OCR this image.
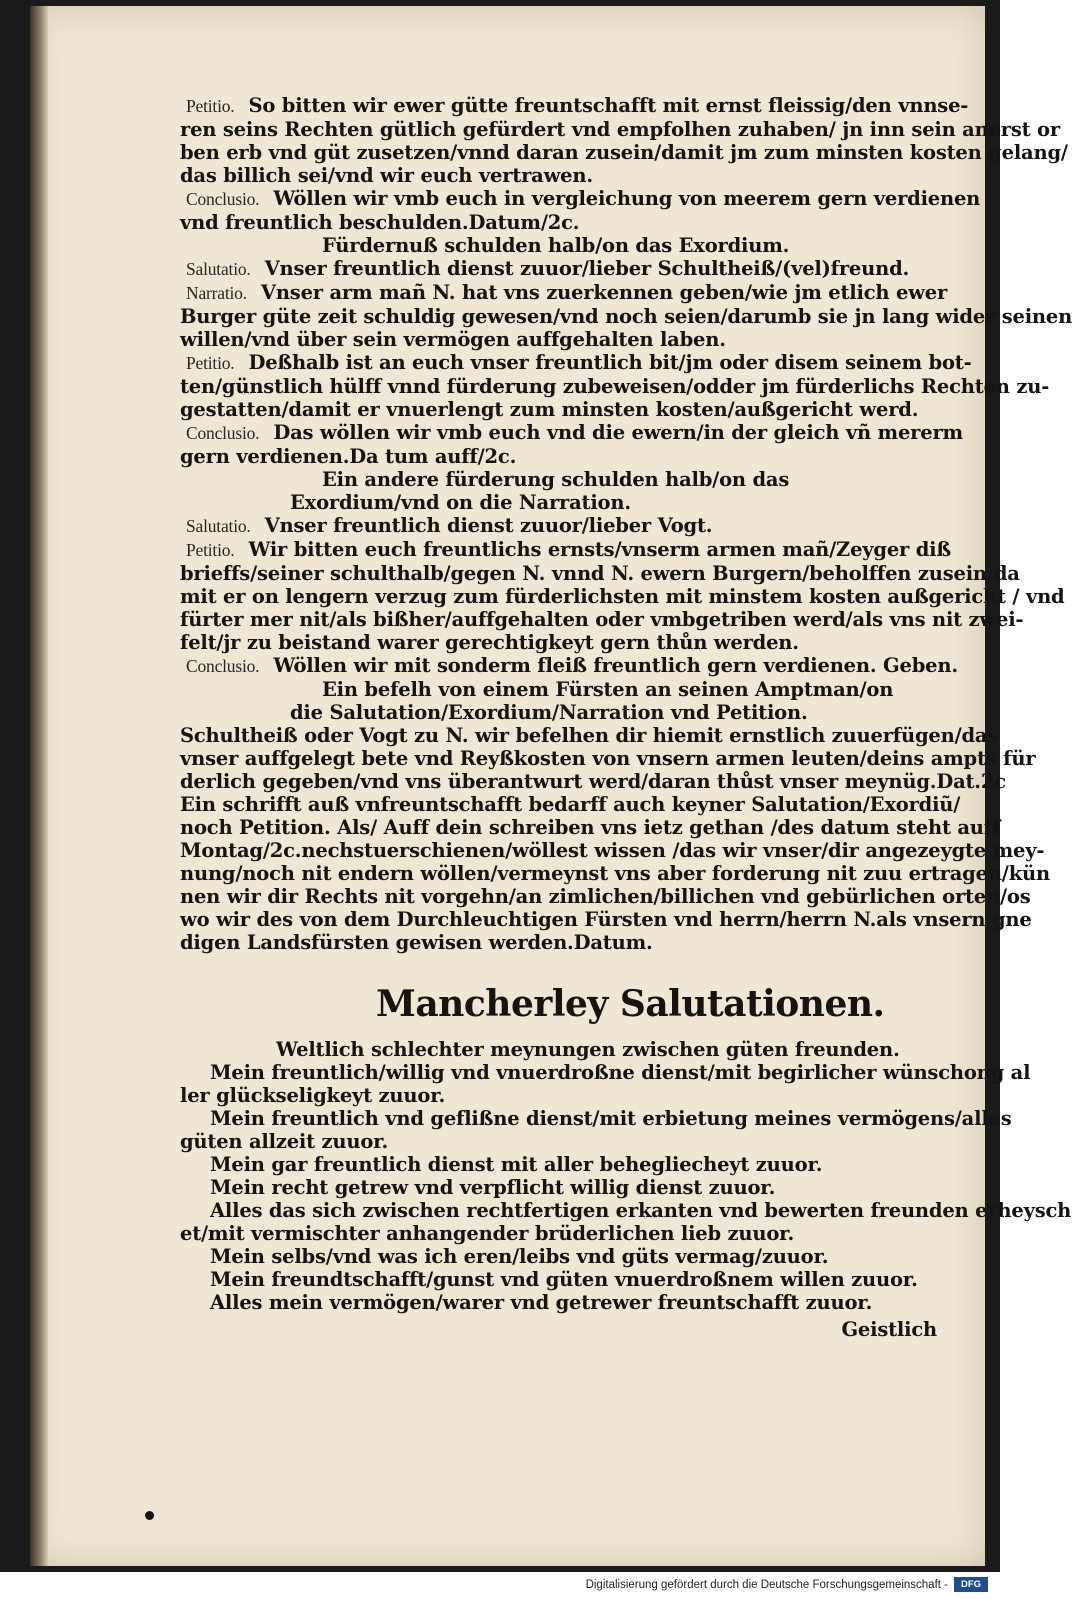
Petitio. So bitten wir ewer gütte freuntschafft mit ernst fleissig/den vnnse-
ren seins Rechten gütlich gefürdert vnd empfolhen zuhaben/ jn inn sein anerst or
ben erb vnd güt zusetzen/vnnd daran zusein/damit jm zum minsten kosten gelang/
das billich sei/vnd wir euch vertrawen.
Conclusio. Wöllen wir vmb euch in vergleichung von meerem gern verdienen
vnd freuntlich beschulden.Datum/2c.
Fürdernuß schulden halb/on das Exordium.
Salutatio. Vnser freuntlich dienst zuuor/lieber Schultheiß/(vel)freund.
Narratio. Vnser arm mañ N. hat vns zuerkennen geben/wie jm etlich ewer
Burger güte zeit schuldig gewesen/vnd noch seien/darumb sie jn lang wider seinen
willen/vnd über sein vermögen auffgehalten laben.
Petitio. Deßhalb ist an euch vnser freuntlich bit/jm oder disem seinem bot-
ten/günstlich hülff vnnd fürderung zubeweisen/odder jm fürderlichs Rechten zu-
gestatten/damit er vnuerlengt zum minsten kosten/außgericht werd.
Conclusio. Das wöllen wir vmb euch vnd die ewern/in der gleich vñ mererm
gern verdienen.Da tum auff/2c.
Ein andere fürderung schulden halb/on das
Exordium/vnd on die Narration.
Salutatio. Vnser freuntlich dienst zuuor/lieber Vogt.
Petitio. Wir bitten euch freuntlichs ernsts/vnserm armen mañ/Zeyger diß
brieffs/seiner schulthalb/gegen N. vnnd N. ewern Burgern/beholffen zusein/da
mit er on lengern verzug zum fürderlichsten mit minstem kosten außgericht / vnd
fürter mer nit/als bißher/auffgehalten oder vmbgetriben werd/als vns nit zwei-
felt/jr zu beistand warer gerechtigkeyt gern thůn werden.
Conclusio. Wöllen wir mit sonderm fleiß freuntlich gern verdienen. Geben.
Ein befelh von einem Fürsten an seinen Amptman/on
die Salutation/Exordium/Narration vnd Petition.
Schultheiß oder Vogt zu N. wir befelhen dir hiemit ernstlich zuuerfügen/das
vnser auffgelegt bete vnd Reyßkosten von vnsern armen leuten/deins ampts für
derlich gegeben/vnd vns überantwurt werd/daran thůst vnser meynüg.Dat.2c
Ein schrifft auß vnfreuntschafft bedarff auch keyner Salutation/Exordiũ/
noch Petition. Als/ Auff dein schreiben vns ietz gethan /des datum steht auff
Montag/2c.nechstuerschienen/wöllest wissen /das wir vnser/dir angezeygte mey-
nung/noch nit endern wöllen/vermeynst vns aber forderung nit zuu ertragen/kün
nen wir dir Rechts nit vorgehn/an zimlichen/billichen vnd gebürlichen orten/os
wo wir des von dem Durchleuchtigen Fürsten vnd herrn/herrn N.als vnsern gne
digen Landsfürsten gewisen werden.Datum.
Mancherley Salutationen.
Weltlich schlechter meynungen zwischen güten freunden.
Mein freuntlich/willig vnd vnuerdroßne dienst/mit begirlicher wünschong al
ler glückseligkeyt zuuor.
Mein freuntlich vnd geflißne dienst/mit erbietung meines vermögens/alles
güten allzeit zuuor.
Mein gar freuntlich dienst mit aller behegliecheyt zuuor.
Mein recht getrew vnd verpflicht willig dienst zuuor.
Alles das sich zwischen rechtfertigen erkanten vnd bewerten freunden erheysch
et/mit vermischter anhangender brüderlichen lieb zuuor.
Mein selbs/vnd was ich eren/leibs vnd güts vermag/zuuor.
Mein freundtschafft/gunst vnd güten vnuerdroßnem willen zuuor.
Alles mein vermögen/warer vnd getrewer freuntschafft zuuor.
Geistlich
Digitalisierung gefördert durch die Deutsche Forschungsgemeinschaft -	DFG
